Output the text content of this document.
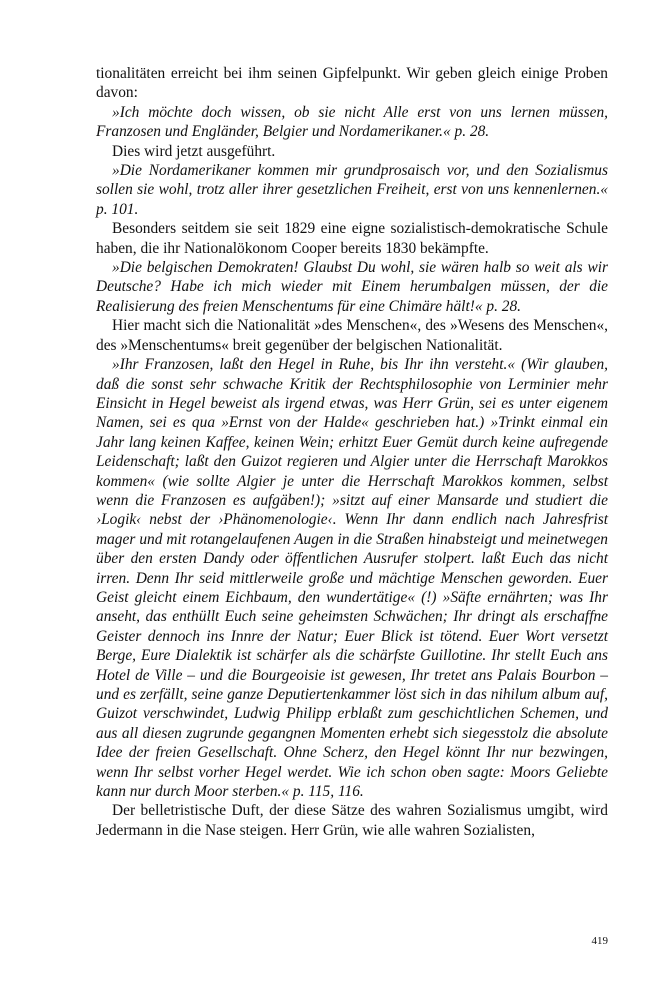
tionalitäten erreicht bei ihm seinen Gipfelpunkt. Wir geben gleich einige Proben davon:

»Ich möchte doch wissen, ob sie nicht Alle erst von uns lernen müssen, Franzosen und Engländer, Belgier und Nordamerikaner.« p. 28.

Dies wird jetzt ausgeführt.

»Die Nordamerikaner kommen mir grundprosaisch vor, und den Sozialismus sollen sie wohl, trotz aller ihrer gesetzlichen Freiheit, erst von uns kennenlernen.« p. 101.

Besonders seitdem sie seit 1829 eine eigne sozialistisch-demokratische Schule haben, die ihr Nationalökonom Cooper bereits 1830 bekämpfte.

»Die belgischen Demokraten! Glaubst Du wohl, sie wären halb so weit als wir Deutsche? Habe ich mich wieder mit Einem herumbalgen müssen, der die Realisierung des freien Menschentums für eine Chimäre hält!« p. 28.

Hier macht sich die Nationalität »des Menschen«, des »Wesens des Menschen«, des »Menschentums« breit gegenüber der belgischen Nationalität.

»Ihr Franzosen, laßt den Hegel in Ruhe, bis Ihr ihn versteht.« (Wir glauben, daß die sonst sehr schwache Kritik der Rechtsphilosophie von Lerminier mehr Einsicht in Hegel beweist als irgend etwas, was Herr Grün, sei es unter eigenem Namen, sei es qua »Ernst von der Halde« geschrieben hat.) »Trinkt einmal ein Jahr lang keinen Kaffee, keinen Wein; erhitzt Euer Gemüt durch keine aufregende Leidenschaft; laßt den Guizot regieren und Algier unter die Herrschaft Marokkos kommen« (wie sollte Algier je unter die Herrschaft Marokkos kommen, selbst wenn die Franzosen es aufgäben!); »sitzt auf einer Mansarde und studiert die ›Logik‹ nebst der ›Phänomenologie‹. Wenn Ihr dann endlich nach Jahresfrist mager und mit rotangelaufenen Augen in die Straßen hinabsteigt und meinetwegen über den ersten Dandy oder öffentlichen Ausrufer stolpert. laßt Euch das nicht irren. Denn Ihr seid mittlerweile große und mächtige Menschen geworden. Euer Geist gleicht einem Eichbaum, den wundertätige« (!) »Säfte ernährten; was Ihr anseht, das enthüllt Euch seine geheimsten Schwächen; Ihr dringt als erschaffne Geister dennoch ins Innre der Natur; Euer Blick ist tötend. Euer Wort versetzt Berge, Eure Dialektik ist schärfer als die schärfste Guillotine. Ihr stellt Euch ans Hotel de Ville – und die Bourgeoisie ist gewesen, Ihr tretet ans Palais Bourbon – und es zerfällt, seine ganze Deputiertenkammer löst sich in das nihilum album auf, Guizot verschwindet, Ludwig Philipp erblaßt zum geschichtlichen Schemen, und aus all diesen zugrunde gegangnen Momenten erhebt sich siegesstolz die absolute Idee der freien Gesellschaft. Ohne Scherz, den Hegel könnt Ihr nur bezwingen, wenn Ihr selbst vorher Hegel werdet. Wie ich schon oben sagte: Moors Geliebte kann nur durch Moor sterben.« p. 115, 116.

Der belletristische Duft, der diese Sätze des wahren Sozialismus umgibt, wird Jedermann in die Nase steigen. Herr Grün, wie alle wahren Sozialisten,

419
